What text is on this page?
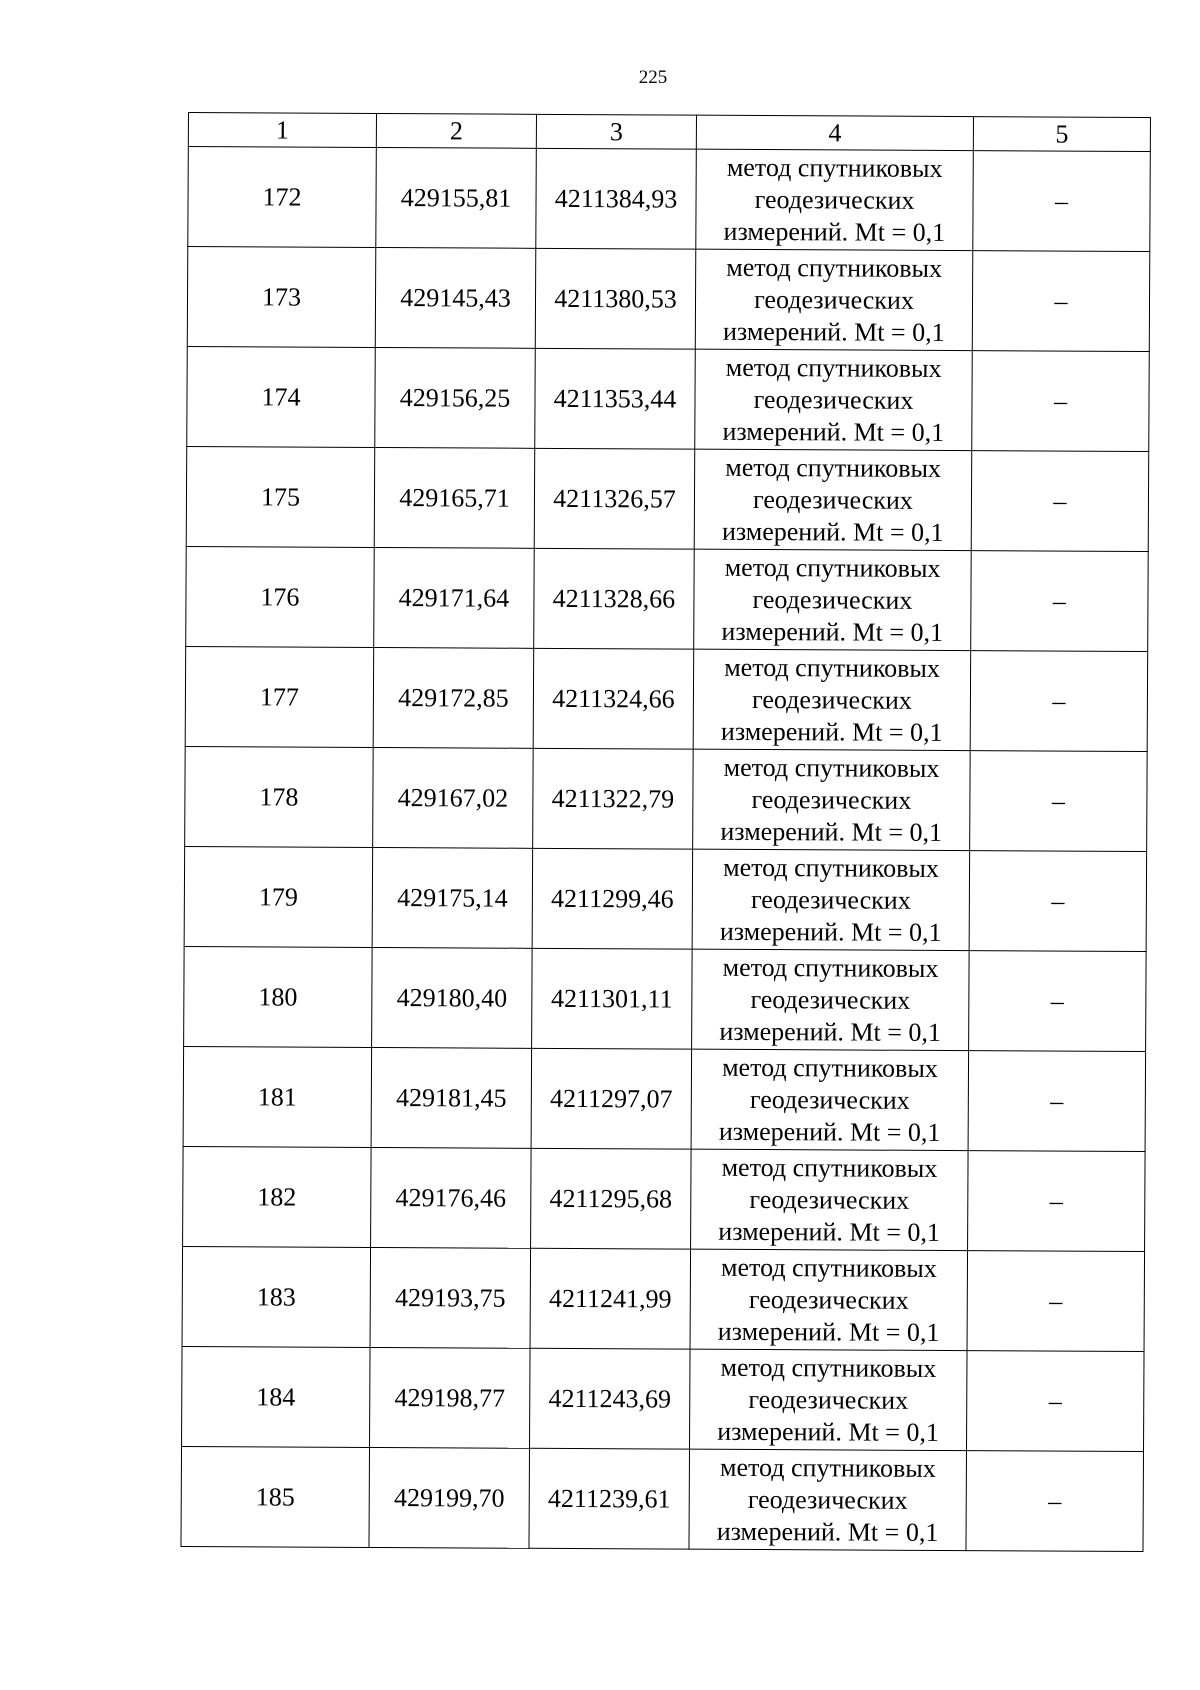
225
1	2	3	4	5
172	429155,81	4211384,93	метод спутниковых геодезических измерений. Mt = 0,1	–
173	429145,43	4211380,53	метод спутниковых геодезических измерений. Mt = 0,1	–
174	429156,25	4211353,44	метод спутниковых геодезических измерений. Mt = 0,1	–
175	429165,71	4211326,57	метод спутниковых геодезических измерений. Mt = 0,1	–
176	429171,64	4211328,66	метод спутниковых геодезических измерений. Mt = 0,1	–
177	429172,85	4211324,66	метод спутниковых геодезических измерений. Mt = 0,1	–
178	429167,02	4211322,79	метод спутниковых геодезических измерений. Mt = 0,1	–
179	429175,14	4211299,46	метод спутниковых геодезических измерений. Mt = 0,1	–
180	429180,40	4211301,11	метод спутниковых геодезических измерений. Mt = 0,1	–
181	429181,45	4211297,07	метод спутниковых геодезических измерений. Mt = 0,1	–
182	429176,46	4211295,68	метод спутниковых геодезических измерений. Mt = 0,1	–
183	429193,75	4211241,99	метод спутниковых геодезических измерений. Mt = 0,1	–
184	429198,77	4211243,69	метод спутниковых геодезических измерений. Mt = 0,1	–
185	429199,70	4211239,61	метод спутниковых геодезических измерений. Mt = 0,1	–
